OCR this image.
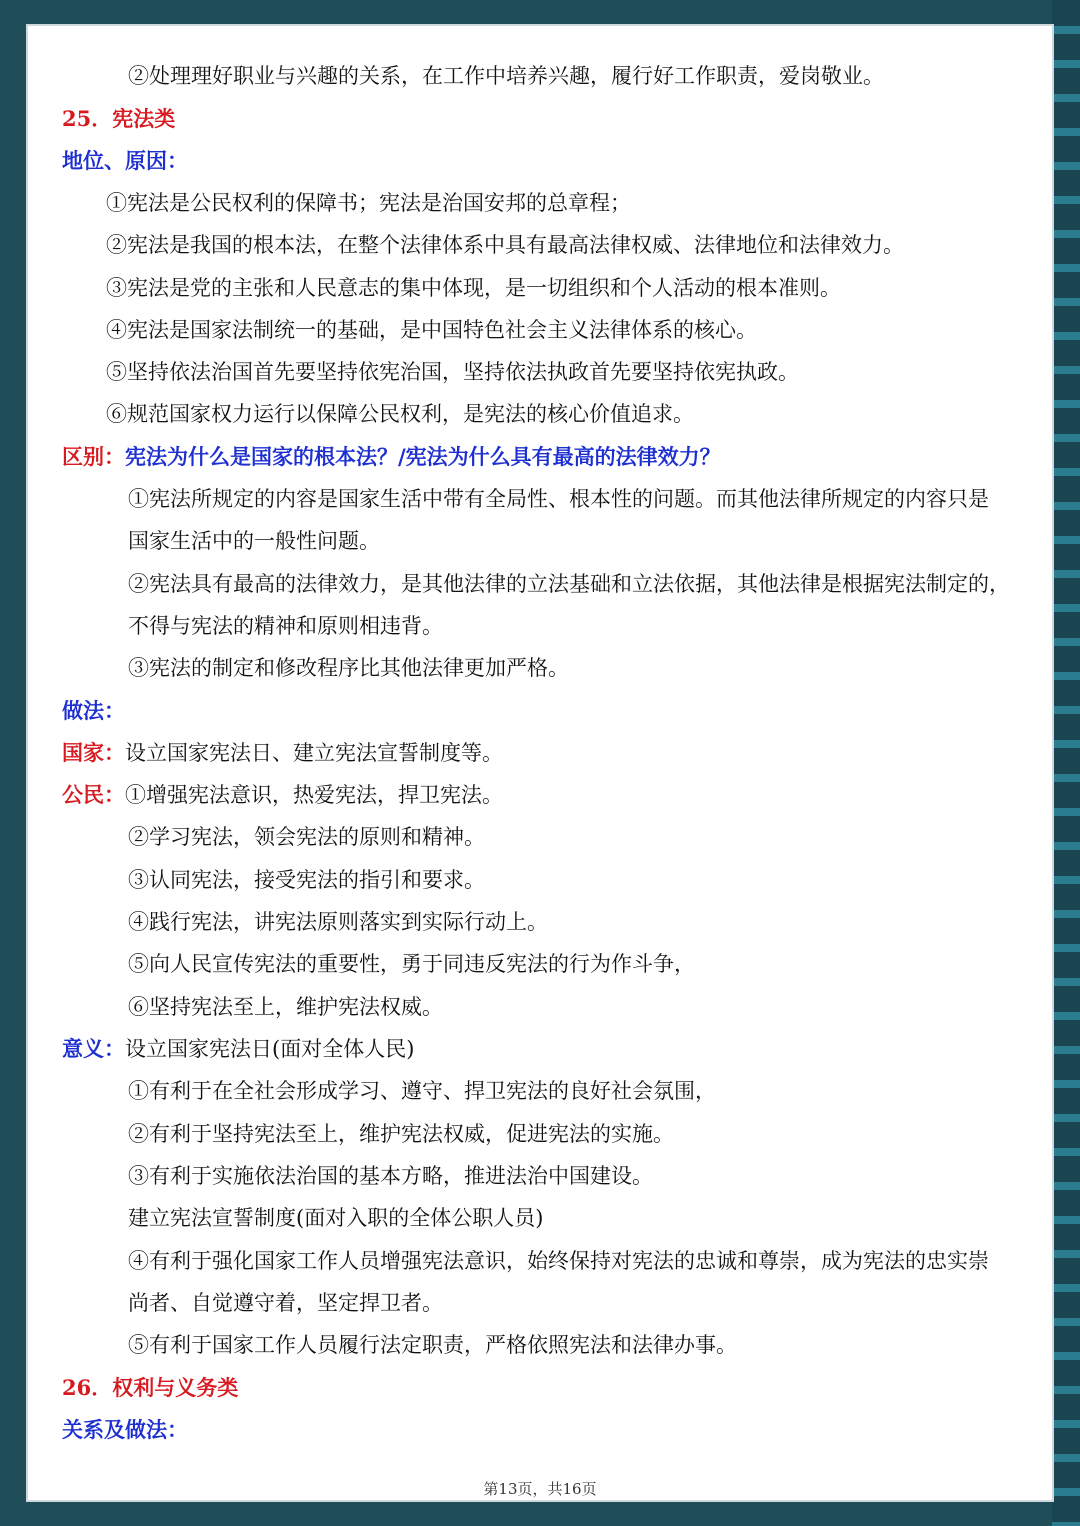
②处理理好职业与兴趣的关系，在工作中培养兴趣，履行好工作职责，爱岗敬业。
25．宪法类
地位、原因：
①宪法是公民权利的保障书；宪法是治国安邦的总章程；
②宪法是我国的根本法，在整个法律体系中具有最高法律权威、法律地位和法律效力。
③宪法是党的主张和人民意志的集中体现，是一切组织和个人活动的根本准则。
④宪法是国家法制统一的基础，是中国特色社会主义法律体系的核心。
⑤坚持依法治国首先要坚持依宪治国，坚持依法执政首先要坚持依宪执政。
⑥规范国家权力运行以保障公民权利，是宪法的核心价值追求。
区别：宪法为什么是国家的根本法？/宪法为什么具有最高的法律效力？
①宪法所规定的内容是国家生活中带有全局性、根本性的问题。而其他法律所规定的内容只是
国家生活中的一般性问题。
②宪法具有最高的法律效力，是其他法律的立法基础和立法依据，其他法律是根据宪法制定的，
不得与宪法的精神和原则相违背。
③宪法的制定和修改程序比其他法律更加严格。
做法：
国家：设立国家宪法日、建立宪法宣誓制度等。
公民：①增强宪法意识，热爱宪法，捍卫宪法。
②学习宪法，领会宪法的原则和精神。
③认同宪法，接受宪法的指引和要求。
④践行宪法，讲宪法原则落实到实际行动上。
⑤向人民宣传宪法的重要性，勇于同违反宪法的行为作斗争，
⑥坚持宪法至上，维护宪法权威。
意义：设立国家宪法日(面对全体人民)
①有利于在全社会形成学习、遵守、捍卫宪法的良好社会氛围，
②有利于坚持宪法至上，维护宪法权威，促进宪法的实施。
③有利于实施依法治国的基本方略，推进法治中国建设。
建立宪法宣誓制度(面对入职的全体公职人员)
④有利于强化国家工作人员增强宪法意识，始终保持对宪法的忠诚和尊崇，成为宪法的忠实崇
尚者、自觉遵守着，坚定捍卫者。
⑤有利于国家工作人员履行法定职责，严格依照宪法和法律办事。
26．权利与义务类
关系及做法：
第13页，共16页
